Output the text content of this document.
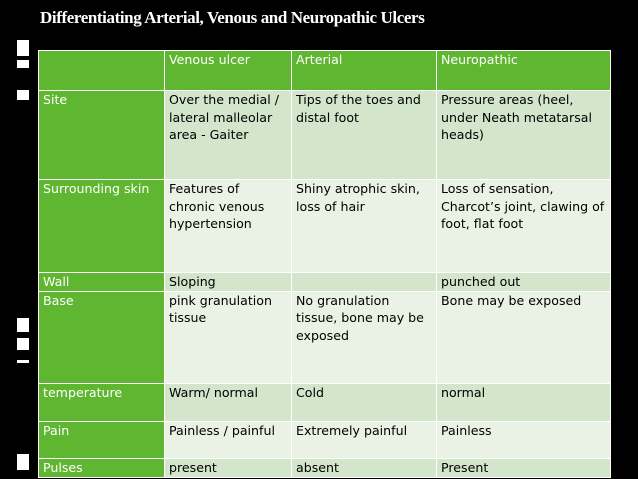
Differentiating Arterial, Venous and Neuropathic Ulcers
	Venous ulcer	Arterial	Neuropathic
Site	Over the medial / lateral malleolar area - Gaiter	Tips of the toes and distal foot	Pressure areas (heel, under Neath metatarsal heads)
Surrounding skin	Features of chronic venous hypertension	Shiny atrophic skin, loss of hair	Loss of sensation, Charcot’s joint, clawing of foot, flat foot
Wall	Sloping		punched out
Base	pink granulation tissue	No granulation tissue, bone may be exposed	Bone may be exposed
temperature	Warm/ normal	Cold	normal
Pain	Painless / painful	Extremely painful	Painless
Pulses	present	absent	Present
